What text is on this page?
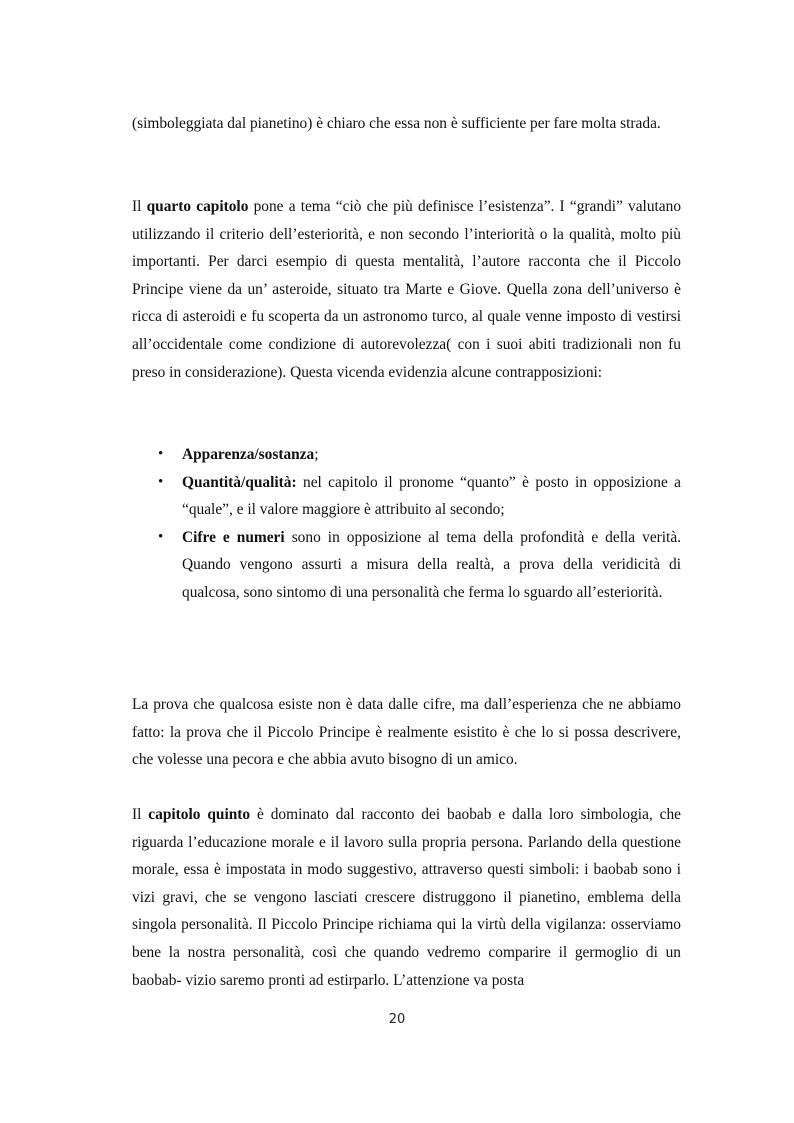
(simboleggiata dal pianetino) è chiaro che essa non è sufficiente per fare molta strada.

Il quarto capitolo pone a tema “ciò che più definisce l’esistenza”. I “grandi” valutano utilizzando il criterio dell’esteriorità, e non secondo l’interiorità o la qualità, molto più importanti. Per darci esempio di questa mentalità, l’autore racconta che il Piccolo Principe viene da un’ asteroide, situato tra Marte e Giove. Quella zona dell’universo è ricca di asteroidi e fu scoperta da un astronomo turco, al quale venne imposto di vestirsi all’occidentale come condizione di autorevolezza( con i suoi abiti tradizionali non fu preso in considerazione). Questa vicenda evidenzia alcune contrapposizioni:

• Apparenza/sostanza;
• Quantità/qualità: nel capitolo il pronome “quanto” è posto in opposizione a “quale”, e il valore maggiore è attribuito al secondo;
• Cifre e numeri sono in opposizione al tema della profondità e della verità. Quando vengono assurti a misura della realtà, a prova della veridicità di qualcosa, sono sintomo di una personalità che ferma lo sguardo all’esteriorità.

La prova che qualcosa esiste non è data dalle cifre, ma dall’esperienza che ne abbiamo fatto: la prova che il Piccolo Principe è realmente esistito è che lo si possa descrivere, che volesse una pecora e che abbia avuto bisogno di un amico.

Il capitolo quinto è dominato dal racconto dei baobab e dalla loro simbologia, che riguarda l’educazione morale e il lavoro sulla propria persona. Parlando della questione morale, essa è impostata in modo suggestivo, attraverso questi simboli: i baobab sono i vizi gravi, che se vengono lasciati crescere distruggono il pianetino, emblema della singola personalità. Il Piccolo Principe richiama qui la virtù della vigilanza: osserviamo bene la nostra personalità, così che quando vedremo comparire il germoglio di un baobab- vizio saremo pronti ad estirparlo. L’attenzione va posta

20
